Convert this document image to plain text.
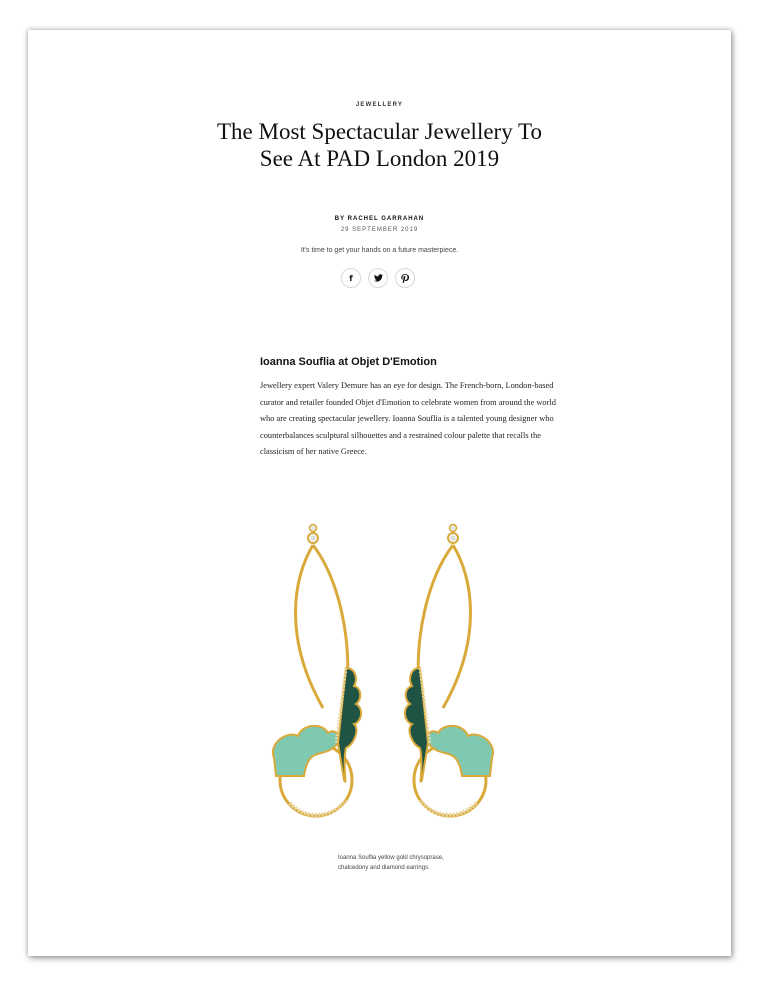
JEWELLERY
The Most Spectacular Jewellery To See At PAD London 2019
BY RACHEL GARRAHAN
29 SEPTEMBER 2019
It's time to get your hands on a future masterpiece.
f
Ioanna Souflia at Objet D'Emotion

Jewellery expert Valery Demure has an eye for design. The French-born, London-based curator and retailer founded Objet d'Emotion to celebrate women from around the world who are creating spectacular jewellery. Ioanna Souflia is a talented young designer who counterbalances sculptural silhouettes and a restrained colour palette that recalls the classicism of her native Greece.

Ioanna Souflia yellow gold chrysoprase, chalcedony and diamond earrings.
